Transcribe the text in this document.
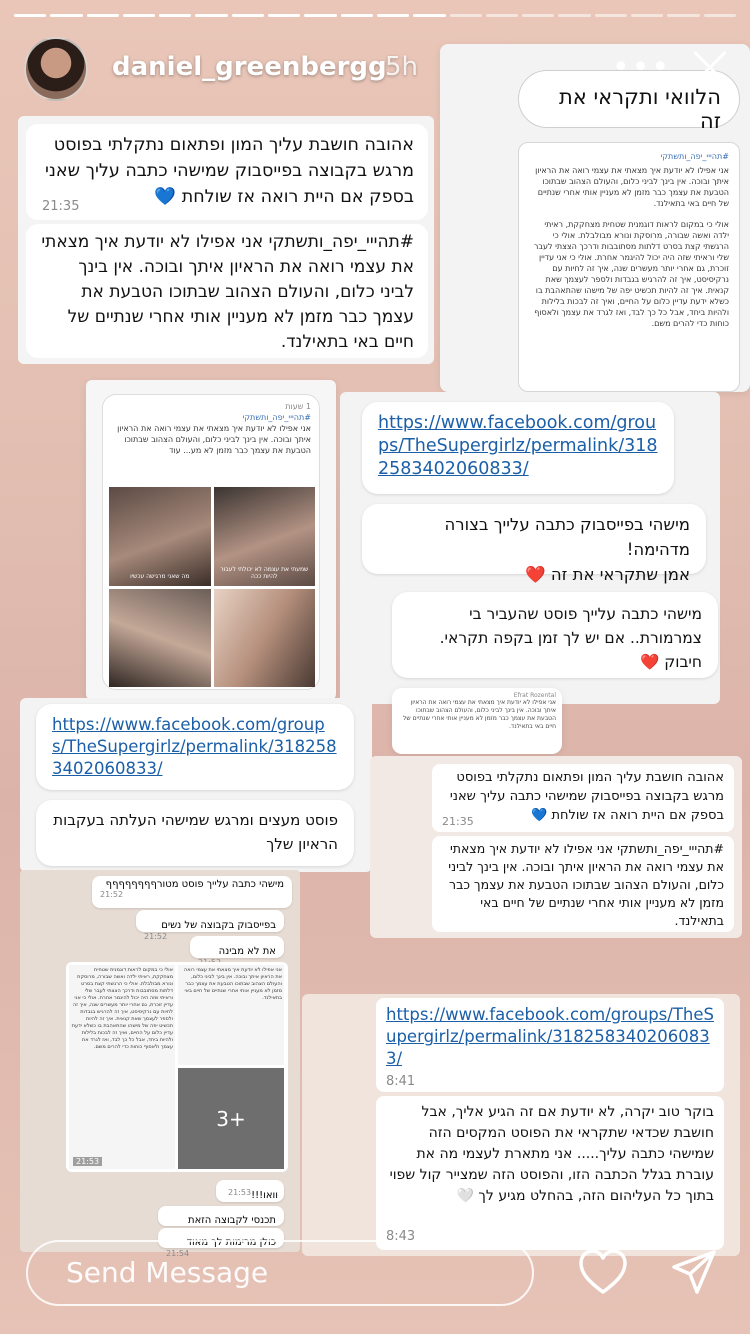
הלוואי ותקראי את זה
#תהייי_יפה_ותשתקי
אני אפילו לא יודעת איך מצאתי את עצמי רואה את הראיון איתך ובוכה. אין בינך לביני כלום, והעולם הצהוב שבתוכו הטבעת את עצמך כבר מזמן לא מעניין אותי אחרי שנתיים של חיים באי בתאילנד.
אולי כי במקום לראות דוגמנית שטחית מצחקקת, ראיתי ילדה ואשה שבורה, מרוסקת ונורא מבולבלת. אולי כי הרגשתי קצת בסרט דלתות מסתובבות ודרכך הצצתי לעבר שלי וראיתי שזה היה יכול להיגמר אחרת. אולי כי אני עדיין זוכרת, גם אחרי יותר מעשרים שנה, איך זה לחיות עם נרקיסיסט, איך זה להרגיש בגבדות ולספר לעצמך שאת קנאית. איך זה להיות תכשיט יפה של מישהו שהתאהבת בו כשלא ידעת עדיין כלום על החיים, ואיך זה לבכות בלילות ולהיות ביחד, אבל כל כך לבד, ואז לגרד את עצמך ולאסוף כוחות כדי להרים משם.
אהובה חושבת עליך המון ופתאום נתקלתי בפוסט מרגש בקבוצה בפייסבוק שמישהי כתבה עליך שאני בספק אם היית רואה אז שולחת 💙
21:35
#תהייי_יפה_ותשתקי אני אפילו לא יודעת איך מצאתי את עצמי רואה את הראיון איתך ובוכה. אין בינך לביני כלום, והעולם הצהוב שבתוכו הטבעת את עצמך כבר מזמן לא מעניין אותי אחרי שנתיים של חיים באי בתאילנד.
1 שעות
#תהייי_יפה_ותשתקי
אני אפילו לא יודעת איך מצאתי את עצמי רואה את הראיון איתך ובוכה. אין בינך לביני כלום, והעולם הצהוב שבתוכו הטבעת את עצמך כבר מזמן לא מע... עוד
מה שאני מרגישה עכשיו
שמעתי את עצמה לא יכולתי לעבור להיות ככה
https://www.facebook.com/groups/TheSupergirlz/permalink/3182583402060833/
מישהי בפייסבוק כתבה עלייך בצורה מדהימה!
אמן שתקראי את זה ❤️
מישהי כתבה עלייך פוסט שהעביר בי צמרמורת.. אם יש לך זמן בקפה תקראי. חיבוק ❤️
Efrat Rozental
אני אפילו לא יודעת איך מצאתי את עצמי רואה את הראיון איתך ובוכה. אין בינך לביני כלום, והעולם הצהוב שבתוכו הטבעת את עצמך כבר מזמן לא מעניין אותי אחרי שנתיים של חיים באי בתאילנד.
https://www.facebook.com/groups/TheSupergirlz/permalink/3182583402060833/
פוסט מעצים ומרגש שמישהי העלתה בעקבות הראיון שלך
אהובה חושבת עליך המון ופתאום נתקלתי בפוסט מרגש בקבוצה בפייסבוק שמישהי כתבה עליך שאני בספק אם היית רואה אז שולחת 💙
21:35
#תהייי_יפה_ותשתקי אני אפילו לא יודעת איך מצאתי את עצמי רואה את הראיון איתך ובוכה. אין בינך לביני כלום, והעולם הצהוב שבתוכו הטבעת את עצמך כבר מזמן לא מעניין אותי אחרי שנתיים של חיים באי בתאילנד.
מישהי כתבה עלייך פוסט מטורףףףףףףףף
21:52
בפייסבוק בקבוצה של נשים
21:52
את לא מבינה
אולי כי במקום לראות דוגמנית שטחית מצחקקת, ראיתי ילדה ואשה שבורה, מרוסקת ונורא מבולבלת. אולי כי הרגשתי קצת בסרט דלתות מסתובבות ודרכך הצצתי לעבר שלי וראיתי שזה היה יכול להיגמר אחרת. אולי כי אני עדיין זוכרת, גם אחרי יותר מעשרים שנה, איך זה לחיות עם נרקיסיסט, איך זה להרגיש בגבדות ולספר לעצמך שאת קנאית. איך זה להיות תכשיט יפה של מישהו שהתאהבת בו כשלא ידעת עדיין כלום על החיים, ואיך זה לבכות בלילות ולהיות ביחד, אבל כל כך לבד, ואז לגרד את עצמך ולאסוף כוחות כדי להרים משם.
21:53
אני אפילו לא יודעת איך מצאתי את עצמי רואה את הראיון איתך ובוכה. אין בינך לביני כלום, והעולם הצהוב שבתוכו הטבעת את עצמך כבר מזמן לא מעניין אותי אחרי שנתיים של חיים באי בתאילנד.
3+
וואו!!!
21:53
תכנסי לקבוצה הזאת
כולן מרימות לך מאוד
21:54
https://www.facebook.com/groups/TheSupergirlz/permalink/3182583402060833/
8:41
בוקר טוב יקרה, לא יודעת אם זה הגיע אליך, אבל חושבת שכדאי שתקראי את הפוסט המקסים הזה שמישהי כתבה עליך..... אני מתארת לעצמי מה את עוברת בגלל הכתבה הזו, והפוסט הזה שמצייר קול שפוי בתוך כל העליהום הזה, בהחלט מגיע לך 🤍
8:43
daniel_greenbergg
5h	•••
Send Message
